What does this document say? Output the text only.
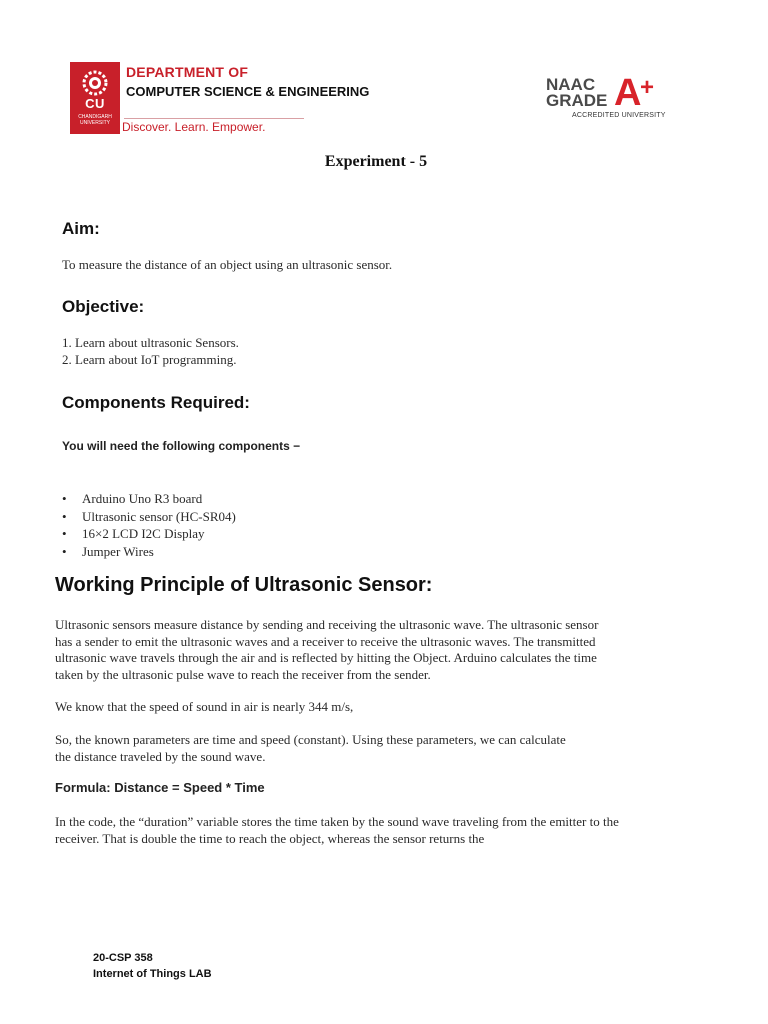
CU
CHANDIGARH UNIVERSITY
DEPARTMENT OF
COMPUTER SCIENCE & ENGINEERING
Discover. Learn. Empower.
NAAC
GRADE A
+
ACCREDITED UNIVERSITY
Experiment - 5
Aim:
To measure the distance of an object using an ultrasonic sensor.
Objective:
1. Learn about ultrasonic Sensors.
2. Learn about IoT programming.
Components Required:
You will need the following components −
• Arduino Uno R3 board
• Ultrasonic sensor (HC-SR04)
• 16×2 LCD I2C Display
• Jumper Wires
Working Principle of Ultrasonic Sensor:

Ultrasonic sensors measure distance by sending and receiving the ultrasonic wave. The ultrasonic sensor

has a sender to emit the ultrasonic waves and a receiver to receive the ultrasonic waves. The transmitted

ultrasonic wave travels through the air and is reflected by hitting the Object. Arduino calculates the time

taken by the ultrasonic pulse wave to reach the receiver from the sender.

We know that the speed of sound in air is nearly 344 m/s,

So, the known parameters are time and speed (constant). Using these parameters, we can calculate

the distance traveled by the sound wave.

Formula: Distance = Speed * Time

In the code, the “duration” variable stores the time taken by the sound wave traveling from the emitter to the

receiver. That is double the time to reach the object, whereas the sensor returns the

20-CSP 358
Internet of Things LAB
